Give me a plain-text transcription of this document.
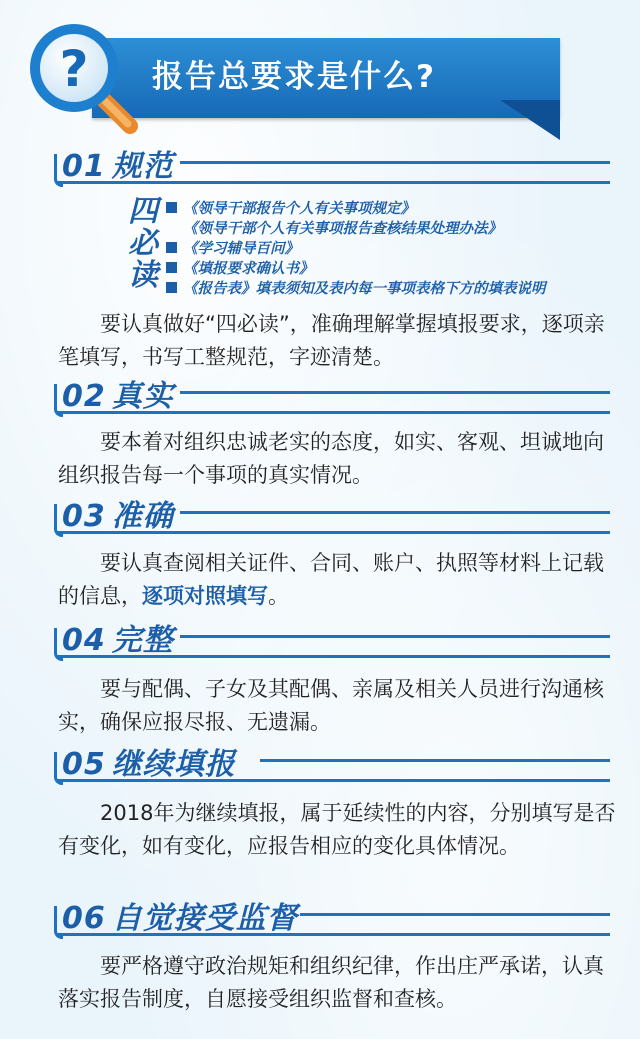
报告总要求是什么?
?
01 规范
四
必
读
《领导干部报告个人有关事项规定》
《领导干部个人有关事项报告查核结果处理办法》
《学习辅导百问》
《填报要求确认书》
《报告表》填表须知及表内每一事项表格下方的填表说明
要认真做好“四必读”，准确理解掌握填报要求，逐项亲笔填写，书写工整规范，字迹清楚。
02 真实
要本着对组织忠诚老实的态度，如实、客观、坦诚地向组织报告每一个事项的真实情况。
03 准确
要认真查阅相关证件、合同、账户、执照等材料上记载的信息，逐项对照填写。
04 完整
要与配偶、子女及其配偶、亲属及相关人员进行沟通核实，确保应报尽报、无遗漏。
05 继续填报
2018年为继续填报，属于延续性的内容，分别填写是否有变化，如有变化，应报告相应的变化具体情况。
06 自觉接受监督
要严格遵守政治规矩和组织纪律，作出庄严承诺，认真落实报告制度，自愿接受组织监督和查核。
